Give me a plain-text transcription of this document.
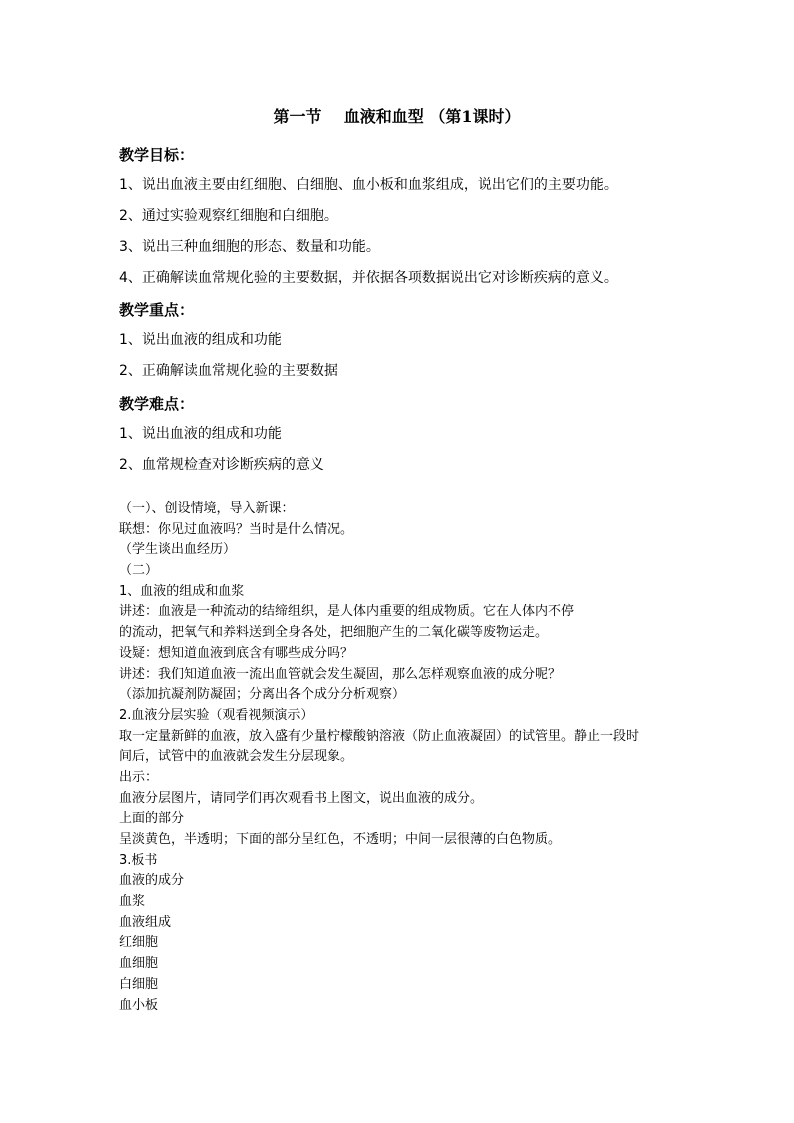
第一节    血液和血型 （第1课时）
教学目标：
1、说出血液主要由红细胞、白细胞、血小板和血浆组成，说出它们的主要功能。
2、通过实验观察红细胞和白细胞。
3、说出三种血细胞的形态、数量和功能。
4、正确解读血常规化验的主要数据，并依据各项数据说出它对诊断疾病的意义。
教学重点：
1、说出血液的组成和功能
2、正确解读血常规化验的主要数据
教学难点：
1、说出血液的组成和功能
2、血常规检查对诊断疾病的意义
（一）、创设情境，导入新课：
联想：你见过血液吗？当时是什么情况。
（学生谈出血经历）
（二）
1、血液的组成和血浆
讲述：血液是一种流动的结缔组织，是人体内重要的组成物质。它在人体内不停
的流动，把氧气和养料送到全身各处，把细胞产生的二氧化碳等废物运走。
设疑：想知道血液到底含有哪些成分吗？
讲述：我们知道血液一流出血管就会发生凝固，那么怎样观察血液的成分呢？
（添加抗凝剂防凝固；分离出各个成分分析观察）
2.血液分层实验（观看视频演示）
取一定量新鲜的血液，放入盛有少量柠檬酸钠溶液（防止血液凝固）的试管里。静止一段时
间后，试管中的血液就会发生分层现象。
出示：
血液分层图片，请同学们再次观看书上图文，说出血液的成分。
上面的部分
呈淡黄色，半透明；下面的部分呈红色，不透明；中间一层很薄的白色物质。
3.板书
血液的成分
血浆
血液组成
红细胞
血细胞
白细胞
血小板
